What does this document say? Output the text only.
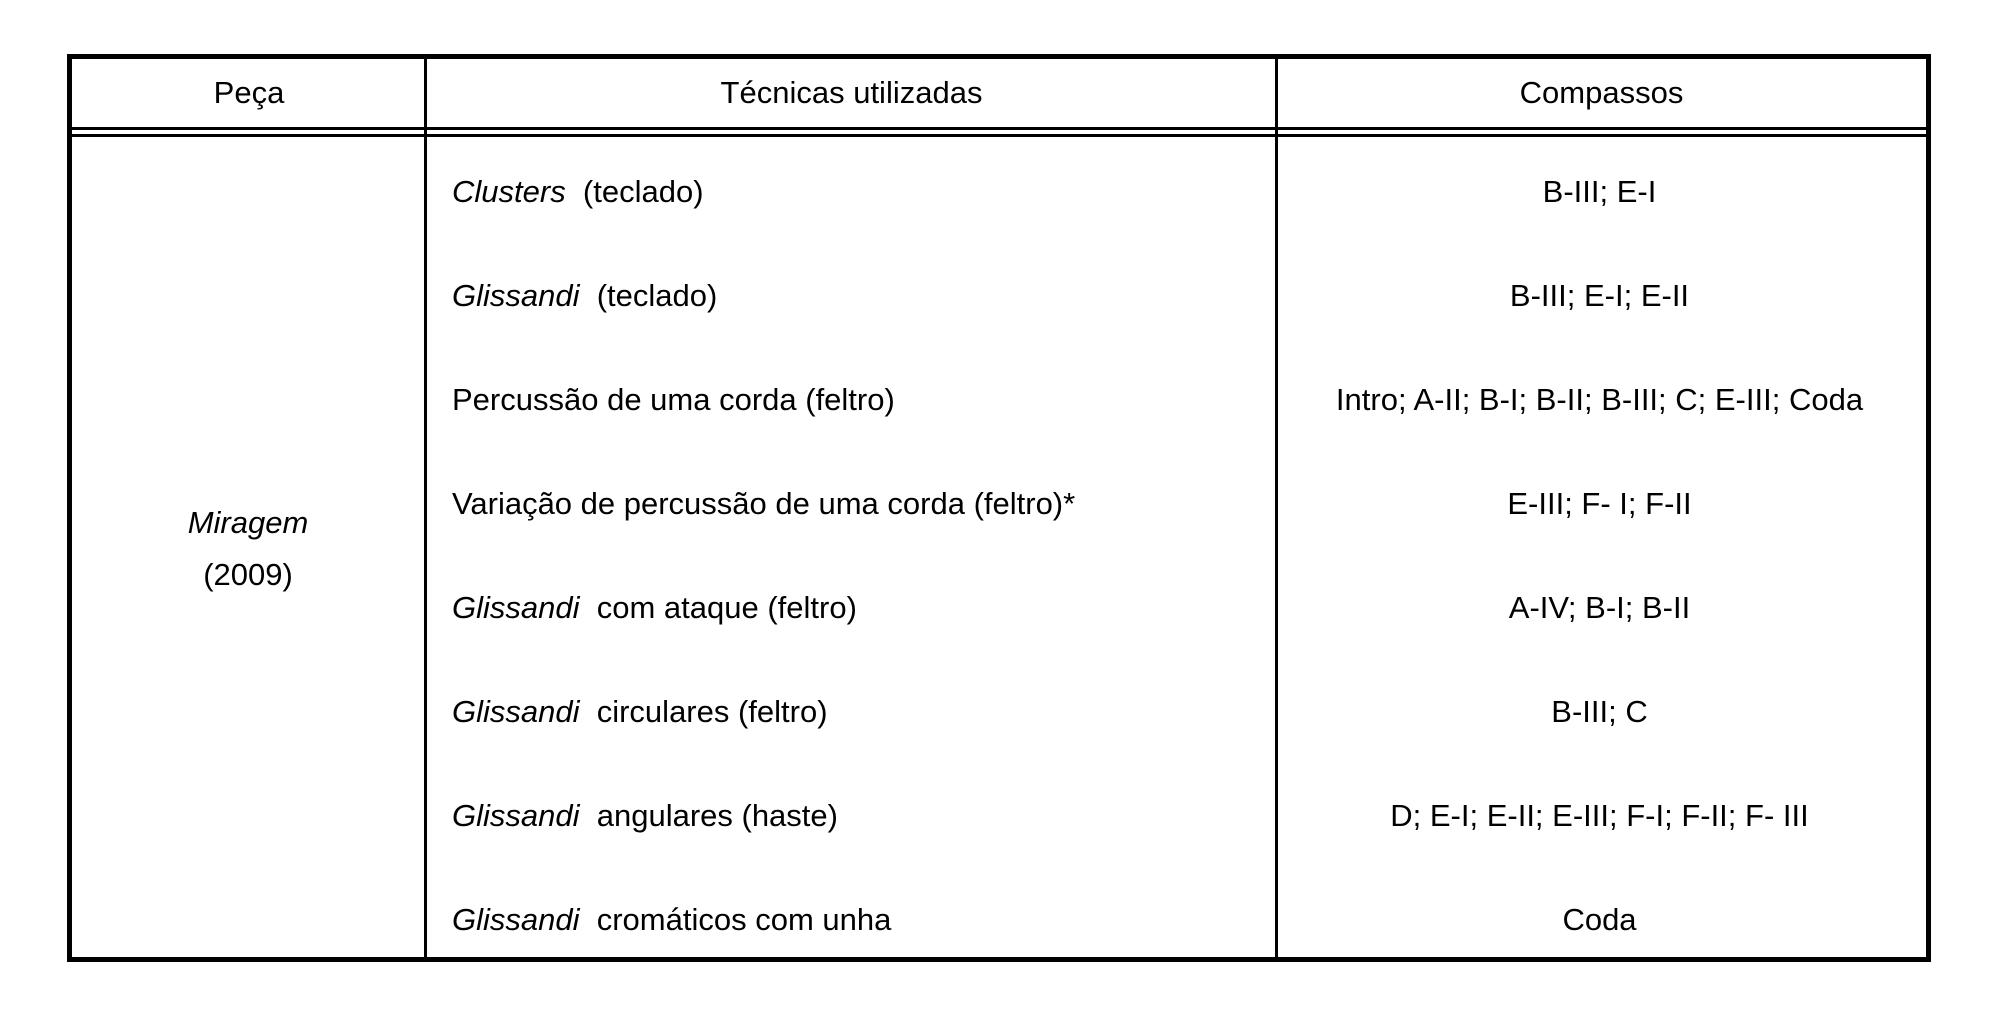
Peça	Técnicas utilizadas	Compassos
Miragem
(2009)
Clusters  (teclado)	B-III; E-I
Glissandi  (teclado)	B-III; E-I; E-II
Percussão de uma corda (feltro)	Intro; A-II; B-I; B-II; B-III; C; E-III; Coda
Variação de percussão de uma corda (feltro)*	E-III; F- I; F-II
Glissandi  com ataque (feltro)	A-IV; B-I; B-II
Glissandi  circulares (feltro)	B-III; C
Glissandi  angulares (haste)	D; E-I; E-II; E-III; F-I; F-II; F- III
Glissandi  cromáticos com unha	Coda
